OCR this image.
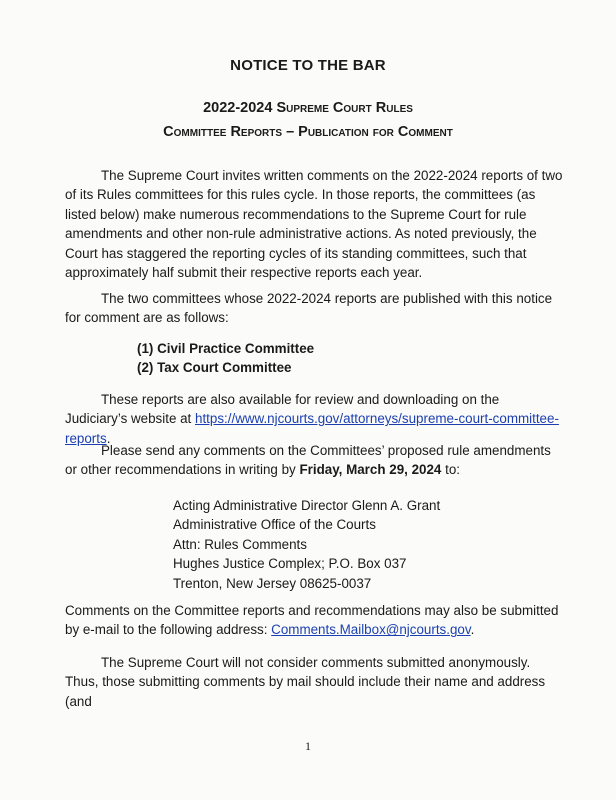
NOTICE TO THE BAR
2022-2024 Supreme Court Rules
Committee Reports – Publication for Comment

The Supreme Court invites written comments on the 2022-2024 reports of two of its Rules committees for this rules cycle. In those reports, the committees (as listed below) make numerous recommendations to the Supreme Court for rule amendments and other non-rule administrative actions. As noted previously, the Court has staggered the reporting cycles of its standing committees, such that approximately half submit their respective reports each year.

The two committees whose 2022-2024 reports are published with this notice for comment are as follows:

(1) Civil Practice Committee
(2) Tax Court Committee

These reports are also available for review and downloading on the Judiciary’s website at https://www.njcourts.gov/attorneys/supreme-court-committee-reports.

Please send any comments on the Committees’ proposed rule amendments or other recommendations in writing by Friday, March 29, 2024 to:

Acting Administrative Director Glenn A. Grant
Administrative Office of the Courts
Attn: Rules Comments
Hughes Justice Complex; P.O. Box 037
Trenton, New Jersey 08625-0037

Comments on the Committee reports and recommendations may also be submitted by e-mail to the following address: Comments.Mailbox@njcourts.gov.

The Supreme Court will not consider comments submitted anonymously. Thus, those submitting comments by mail should include their name and address (and

1
